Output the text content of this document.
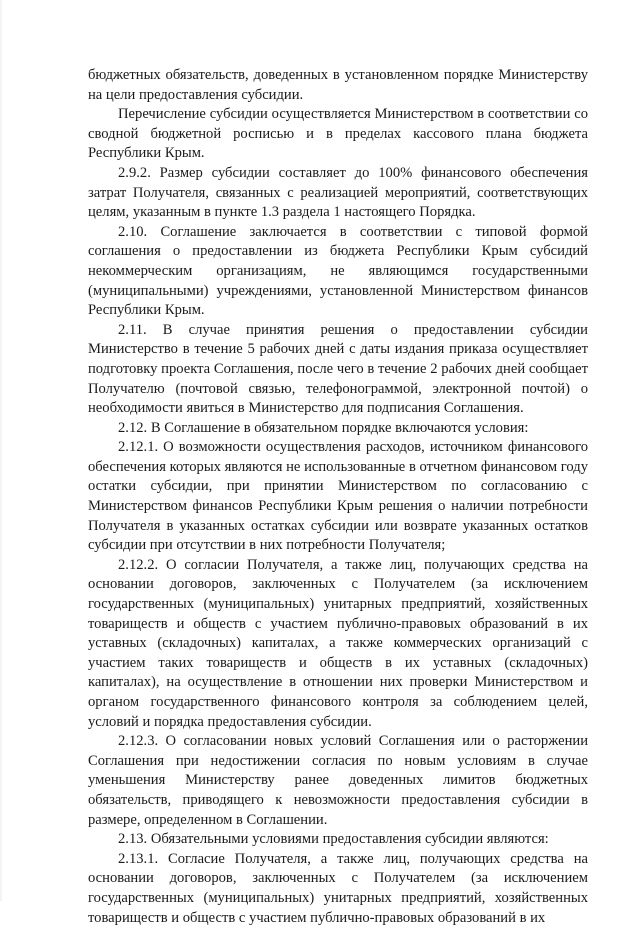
бюджетных обязательств, доведенных в установленном порядке Министерству на цели предоставления субсидии.

Перечисление субсидии осуществляется Министерством в соответствии со сводной бюджетной росписью и в пределах кассового плана бюджета Республики Крым.

2.9.2. Размер субсидии составляет до 100% финансового обеспечения затрат Получателя, связанных с реализацией мероприятий, соответствующих целям, указанным в пункте 1.3 раздела 1 настоящего Порядка.

2.10. Соглашение заключается в соответствии с типовой формой соглашения о предоставлении из бюджета Республики Крым субсидий некоммерческим организациям, не являющимся государственными (муниципальными) учреждениями, установленной Министерством финансов Республики Крым.

2.11. В случае принятия решения о предоставлении субсидии Министерство в течение 5 рабочих дней с даты издания приказа осуществляет подготовку проекта Соглашения, после чего в течение 2 рабочих дней сообщает Получателю (почтовой связью, телефонограммой, электронной почтой) о необходимости явиться в Министерство для подписания Соглашения.

2.12. В Соглашение в обязательном порядке включаются условия:

2.12.1. О возможности осуществления расходов, источником финансового обеспечения которых являются не использованные в отчетном финансовом году остатки субсидии, при принятии Министерством по согласованию с Министерством финансов Республики Крым решения о наличии потребности Получателя в указанных остатках субсидии или возврате указанных остатков субсидии при отсутствии в них потребности Получателя;

2.12.2. О согласии Получателя, а также лиц, получающих средства на основании договоров, заключенных с Получателем (за исключением государственных (муниципальных) унитарных предприятий, хозяйственных товариществ и обществ с участием публично-правовых образований в их уставных (складочных) капиталах, а также коммерческих организаций с участием таких товариществ и обществ в их уставных (складочных) капиталах), на осуществление в отношении них проверки Министерством и органом государственного финансового контроля за соблюдением целей, условий и порядка предоставления субсидии.

2.12.3. О согласовании новых условий Соглашения или о расторжении Соглашения при недостижении согласия по новым условиям в случае уменьшения Министерству ранее доведенных лимитов бюджетных обязательств, приводящего к невозможности предоставления субсидии в размере, определенном в Соглашении.

2.13. Обязательными условиями предоставления субсидии являются:

2.13.1. Согласие Получателя, а также лиц, получающих средства на основании договоров, заключенных с Получателем (за исключением государственных (муниципальных) унитарных предприятий, хозяйственных товариществ и обществ с участием публично-правовых образований в их
